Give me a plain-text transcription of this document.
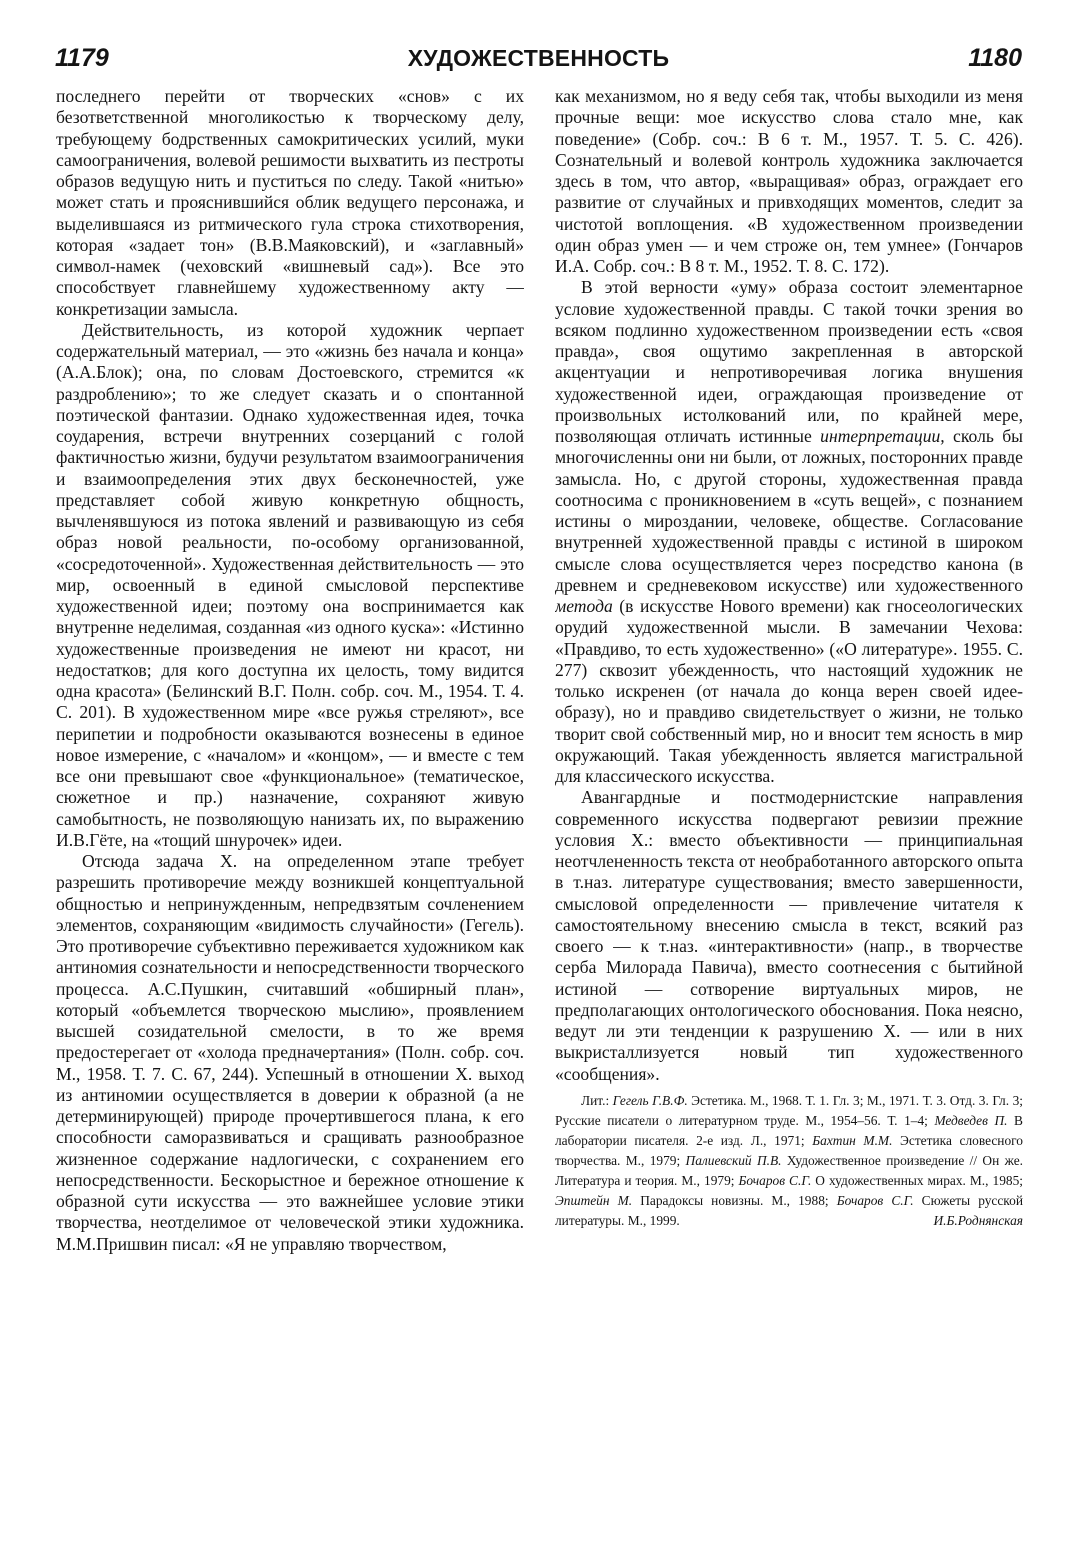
1179	ХУДОЖЕСТВЕННОСТЬ	1180

последнего перейти от творческих «снов» с их безответственной многоликостью к творческому делу, требующему бодрственных самокритических усилий, муки самоограничения, волевой решимости выхватить из пестроты образов ведущую нить и пуститься по следу. Такой «нитью» может стать и прояснившийся облик ведущего персонажа, и выделившаяся из ритмического гула строка стихотворения, которая «задает тон» (В.В.Маяковский), и «заглавный» символ-намек (чеховский «вишневый сад»). Все это способствует главнейшему художественному акту — конкретизации замысла.

Действительность, из которой художник черпает содержательный материал, — это «жизнь без начала и конца» (А.А.Блок); она, по словам Достоевского, стремится «к раздроблению»; то же следует сказать и о спонтанной поэтической фантазии. Однако художественная идея, точка соударения, встречи внутренних созерцаний с голой фактичностью жизни, будучи результатом взаимоограничения и взаимоопределения этих двух бесконечностей, уже представляет собой живую конкретную общность, вычленявшуюся из потока явлений и развивающую из себя образ новой реальности, по-особому организованной, «сосредоточенной». Художественная действительность — это мир, освоенный в единой смысловой перспективе художественной идеи; поэтому она воспринимается как внутренне неделимая, созданная «из одного куска»: «Истинно художественные произведения не имеют ни красот, ни недостатков; для кого доступна их целость, тому видится одна красота» (Белинский В.Г. Полн. собр. соч. М., 1954. Т. 4. С. 201). В художественном мире «все ружья стреляют», все перипетии и подробности оказываются вознесены в единое новое измерение, с «началом» и «концом», — и вместе с тем все они превышают свое «функциональное» (тематическое, сюжетное и пр.) назначение, сохраняют живую самобытность, не позволяющую нанизать их, по выражению И.В.Гёте, на «тощий шнурочек» идеи.

Отсюда задача Х. на определенном этапе требует разрешить противоречие между возникшей концептуальной общностью и непринужденным, непредвзятым сочленением элементов, сохраняющим «видимость случайности» (Гегель). Это противоречие субъективно переживается художником как антиномия сознательности и непосредственности творческого процесса. А.С.Пушкин, считавший «обширный план», который «объемлется творческою мыслию», проявлением высшей созидательной смелости, в то же время предостерегает от «холода предначертания» (Полн. собр. соч. М., 1958. Т. 7. С. 67, 244). Успешный в отношении Х. выход из антиномии осуществляется в доверии к образной (а не детерминирующей) природе прочертившегося плана, к его способности саморазвиваться и сращивать разнообразное жизненное содержание надлогически, с сохранением его непосредственности. Бескорыстное и бережное отношение к образной сути искусства — это важнейшее условие этики творчества, неотделимое от человеческой этики художника. М.М.Пришвин писал: «Я не управляю творчеством,

как механизмом, но я веду себя так, чтобы выходили из меня прочные вещи: мое искусство слова стало мне, как поведение» (Собр. соч.: В 6 т. М., 1957. Т. 5. С. 426). Сознательный и волевой контроль художника заключается здесь в том, что автор, «выращивая» образ, ограждает его развитие от случайных и привходящих моментов, следит за чистотой воплощения. «В художественном произведении один образ умен — и чем строже он, тем умнее» (Гончаров И.А. Собр. соч.: В 8 т. М., 1952. Т. 8. С. 172).

В этой верности «уму» образа состоит элементарное условие художественной правды. С такой точки зрения во всяком подлинно художественном произведении есть «своя правда», своя ощутимо закрепленная в авторской акцентуации и непротиворечивая логика внушения художественной идеи, ограждающая произведение от произвольных истолкований или, по крайней мере, позволяющая отличать истинные интерпретации, сколь бы многочисленны они ни были, от ложных, посторонних правде замысла. Но, с другой стороны, художественная правда соотносима с проникновением в «суть вещей», с познанием истины о мироздании, человеке, обществе. Согласование внутренней художественной правды с истиной в широком смысле слова осуществляется через посредство канона (в древнем и средневековом искусстве) или художественного метода (в искусстве Нового времени) как гносеологических орудий художественной мысли. В замечании Чехова: «Правдиво, то есть художественно» («О литературе». 1955. С. 277) сквозит убежденность, что настоящий художник не только искренен (от начала до конца верен своей идее-образу), но и правдиво свидетельствует о жизни, не только творит свой собственный мир, но и вносит тем ясность в мир окружающий. Такая убежденность является магистральной для классического искусства.

Авангардные и постмодернистские направления современного искусства подвергают ревизии прежние условия Х.: вместо объективности — принципиальная неотчлененность текста от необработанного авторского опыта в т.наз. литературе существования; вместо завершенности, смысловой определенности — привлечение читателя к самостоятельному внесению смысла в текст, всякий раз своего — к т.наз. «интерактивности» (напр., в творчестве серба Милорада Павича), вместо соотнесения с бытийной истиной — сотворение виртуальных миров, не предполагающих онтологического обоснования. Пока неясно, ведут ли эти тенденции к разрушению Х. — или в них выкристаллизуется новый тип художественного «сообщения».

Лит.: Гегель Г.В.Ф. Эстетика. М., 1968. Т. 1. Гл. 3; М., 1971. Т. 3. Отд. 3. Гл. 3; Русские писатели о литературном труде. М., 1954–56. Т. 1–4; Медведев П. В лаборатории писателя. 2-е изд. Л., 1971; Бахтин М.М. Эстетика словесного творчества. М., 1979; Палиевский П.В. Художественное произведение // Он же. Литература и теория. М., 1979; Бочаров С.Г. О художественных мирах. М., 1985; Эпштейн М. Парадоксы новизны. М., 1988; Бочаров С.Г. Сюжеты русской литературы. М., 1999.	И.Б.Роднянская
